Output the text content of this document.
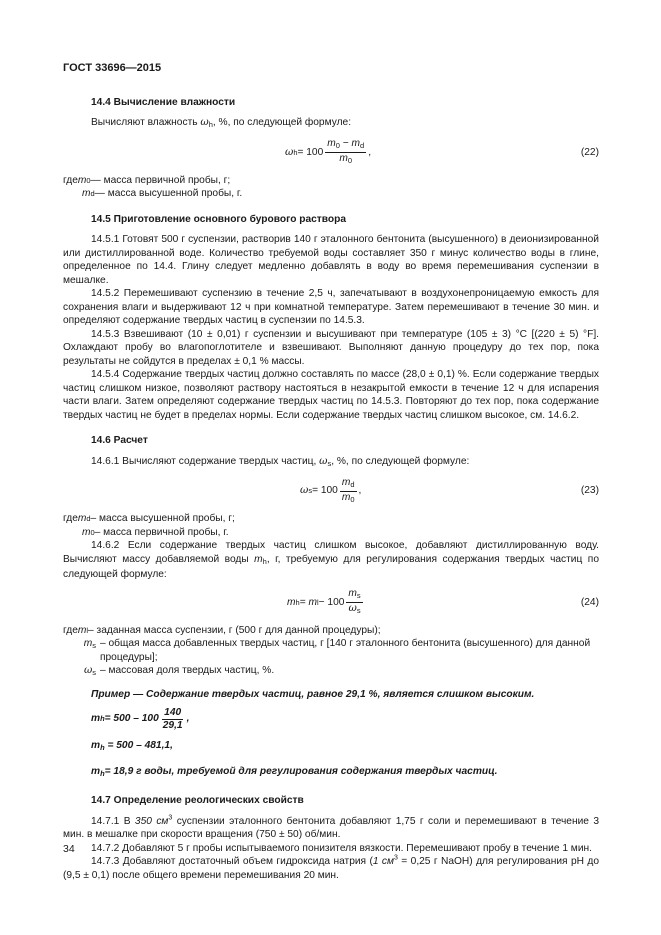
ГОСТ 33696—2015
14.4 Вычисление влажности

Вычисляют влажность $\omega_h$, %, по следующей формуле:

ω $h = 100 \frac{m_0 - m_d}{m_0}$ ,	(22)
где m 0 — масса первичной пробы, г;
m d — масса высушенной пробы, г.
14.5 Приготовление основного бурового раствора

14.5.1 Готовят 500 г суспензии, растворив 140 г эталонного бентонита (высушенного) в деионизированной или дистиллированной воде. Количество требуемой воды составляет 350 г минус количество воды в глине, определенное по 14.4. Глину следует медленно добавлять в воду во время перемешивания суспензии в мешалке.

14.5.2 Перемешивают суспензию в течение 2,5 ч, запечатывают в воздухонепроницаемую емкость для сохранения влаги и выдерживают 12 ч при комнатной температуре. Затем перемешивают в течение 30 мин. и определяют содержание твердых частиц в суспензии по 14.5.3.

14.5.3 Взвешивают (10 ± 0,01) г суспензии и высушивают при температуре (105 ± 3) °С [(220 ± 5) °F]. Охлаждают пробу во влагопоглотителе и взвешивают. Выполняют данную процедуру до тех пор, пока результаты не сойдутся в пределах ± 0,1 % массы.

14.5.4 Содержание твердых частиц должно составлять по массе (28,0 ± 0,1) %. Если содержание твердых частиц слишком низкое, позволяют раствору настояться в незакрытой емкости в течение 12 ч для испарения части влаги. Затем определяют содержание твердых частиц по 14.5.3. Повторяют до тех пор, пока содержание твердых частиц не будет в пределах нормы. Если содержание твердых частиц слишком высокое, см. 14.6.2.

14.6 Расчет

14.6.1 Вычисляют содержание твердых частиц, $\omega_s$, %, по следующей формуле:

ω $s = 100 \frac{m_d}{m_0}$ ,	(23)
где m d – масса высушенной пробы, г;
m 0 – масса первичной пробы, г.

14.6.2 Если содержание твердых частиц слишком высокое, добавляют дистиллированную воду. Вычисляют массу добавляемой воды $m_h$, г, требуемую для регулирования содержания твердых частиц по следующей формуле:

m h = m $l - 100 \frac{m_s}{\omega_s}$	(24)
где m l – заданная масса суспензии, г (500 г для данной процедуры);
$m_s$ – общая масса добавленных твердых частиц, г [140 г эталонного бентонита (высушенного) для данной процедуры];
$\omega_s$ – массовая доля твердых частиц, %.
Пример — Содержание твердых частиц, равное 29,1 %, является слишком высоким.
m $h = 500 - 100 \frac{140}{29,1}$ ,
$m_h = 500 - 481,1$,
$m_h= 18,9$ г воды, требуемой для регулирования содержания твердых частиц.
14.7 Определение реологических свойств

14.7.1 В 350 $см^3$ суспензии эталонного бентонита добавляют 1,75 г соли и перемешивают в течение 3 мин. в мешалке при скорости вращения (750 ± 50) об/мин.

14.7.2 Добавляют 5 г пробы испытываемого понизителя вязкости. Перемешивают пробу в течение 1 мин.

14.7.3 Добавляют достаточный объем гидроксида натрия (1 $см^3 = 0,25$ г NaOH) для регулирования рН до (9,5 ± 0,1) после общего времени перемешивания 20 мин.

34
